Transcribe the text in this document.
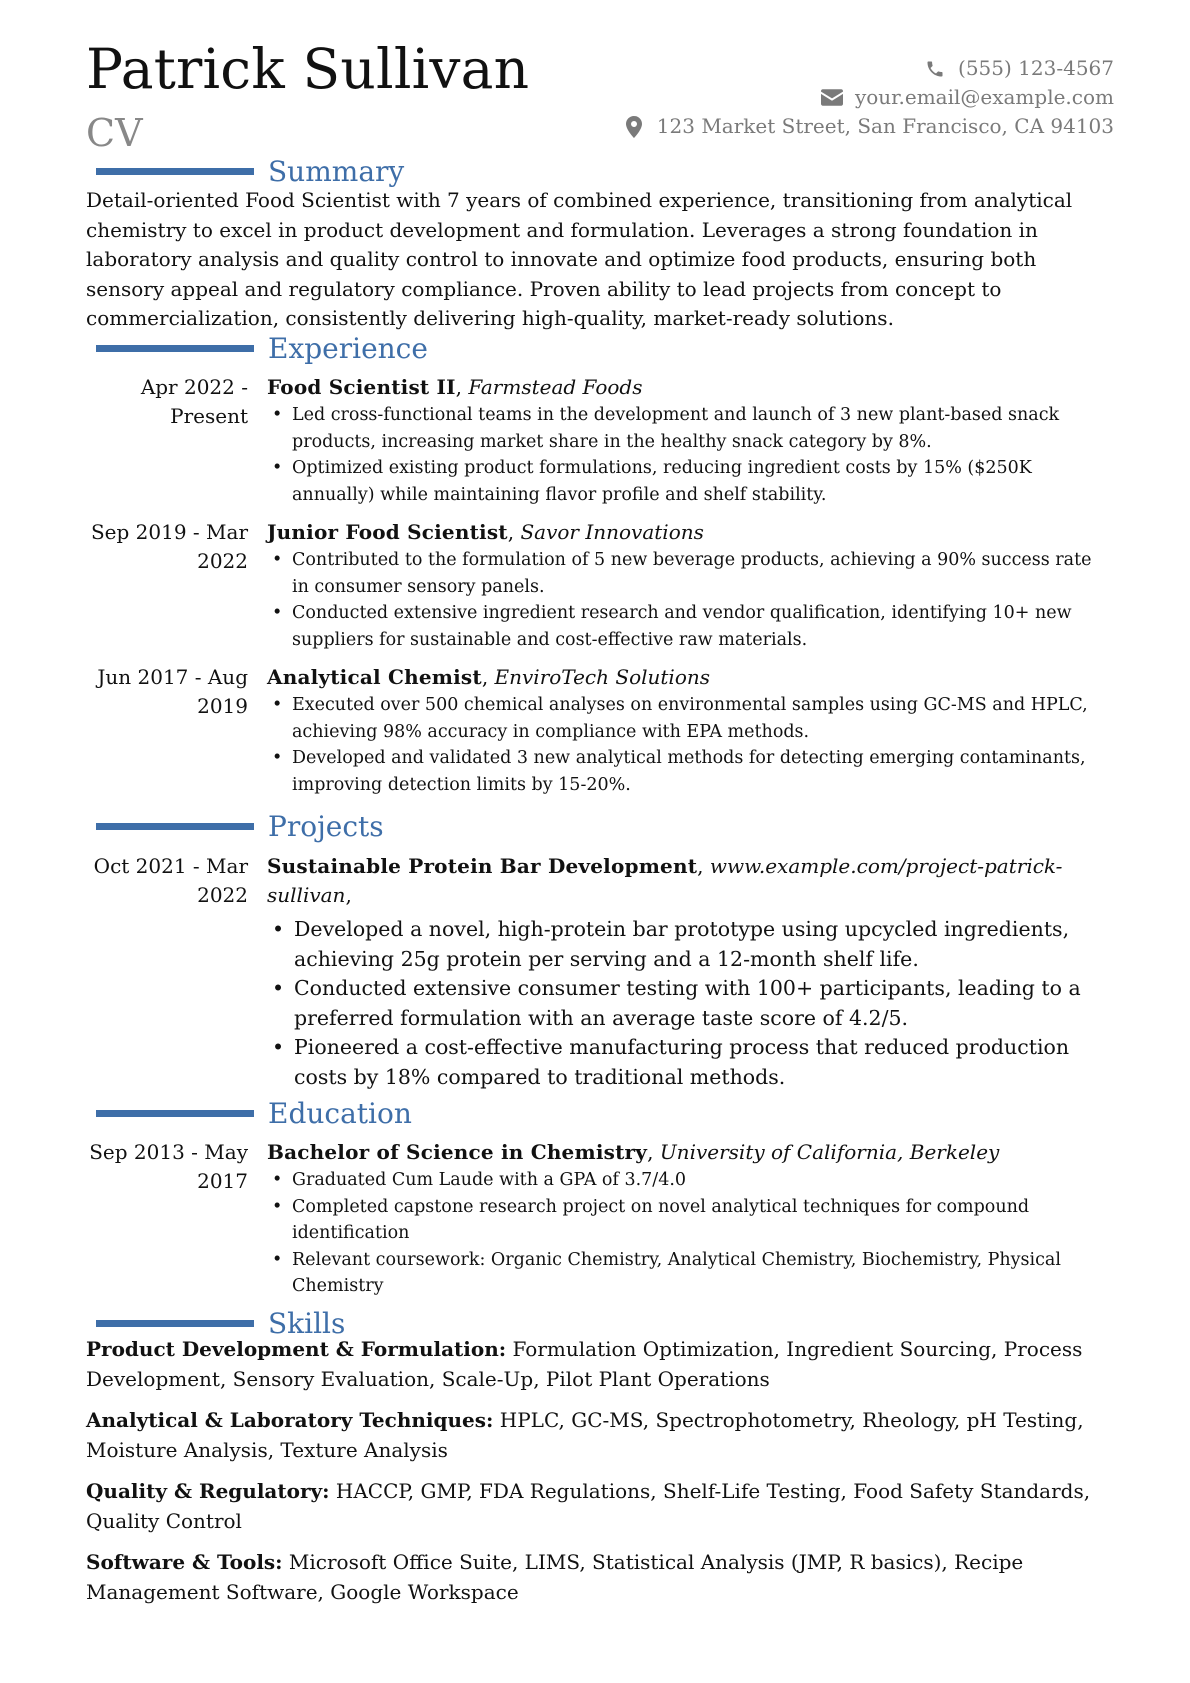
Patrick Sullivan
CV
(555) 123-4567
your.email@example.com
123 Market Street, San Francisco, CA 94103
Summary
Detail-oriented Food Scientist with 7 years of combined experience, transitioning from analytical chemistry to excel in product development and formulation. Leverages a strong foundation in laboratory analysis and quality control to innovate and optimize food products, ensuring both sensory appeal and regulatory compliance. Proven ability to lead projects from concept to commercialization, consistently delivering high-quality, market-ready solutions.
Experience
Apr 2022 - Present
Food Scientist II, Farmstead Foods
• Led cross-functional teams in the development and launch of 3 new plant-based snack products, increasing market share in the healthy snack category by 8%.
• Optimized existing product formulations, reducing ingredient costs by 15% ($250K annually) while maintaining flavor profile and shelf stability.
Sep 2019 - Mar 2022
Junior Food Scientist, Savor Innovations
• Contributed to the formulation of 5 new beverage products, achieving a 90% success rate in consumer sensory panels.
• Conducted extensive ingredient research and vendor qualification, identifying 10+ new suppliers for sustainable and cost-effective raw materials.
Jun 2017 - Aug 2019
Analytical Chemist, EnviroTech Solutions
• Executed over 500 chemical analyses on environmental samples using GC-MS and HPLC, achieving 98% accuracy in compliance with EPA methods.
• Developed and validated 3 new analytical methods for detecting emerging contaminants, improving detection limits by 15-20%.
Projects
Oct 2021 - Mar 2022
Sustainable Protein Bar Development, www.example.com/project-patrick-sullivan,
• Developed a novel, high-protein bar prototype using upcycled ingredients, achieving 25g protein per serving and a 12-month shelf life.
• Conducted extensive consumer testing with 100+ participants, leading to a preferred formulation with an average taste score of 4.2/5.
• Pioneered a cost-effective manufacturing process that reduced production costs by 18% compared to traditional methods.
Education
Sep 2013 - May 2017
Bachelor of Science in Chemistry, University of California, Berkeley
• Graduated Cum Laude with a GPA of 3.7/4.0
• Completed capstone research project on novel analytical techniques for compound identification
• Relevant coursework: Organic Chemistry, Analytical Chemistry, Biochemistry, Physical Chemistry
Skills
Product Development & Formulation: Formulation Optimization, Ingredient Sourcing, Process Development, Sensory Evaluation, Scale-Up, Pilot Plant Operations
Analytical & Laboratory Techniques: HPLC, GC-MS, Spectrophotometry, Rheology, pH Testing, Moisture Analysis, Texture Analysis
Quality & Regulatory: HACCP, GMP, FDA Regulations, Shelf-Life Testing, Food Safety Standards, Quality Control
Software & Tools: Microsoft Office Suite, LIMS, Statistical Analysis (JMP, R basics), Recipe Management Software, Google Workspace
